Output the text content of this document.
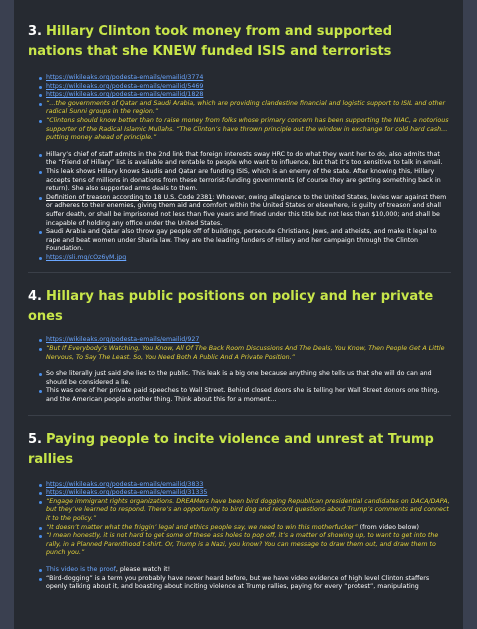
3. Hillary Clinton took money from and supported nations that she KNEW funded ISIS and terrorists
https://wikileaks.org/podesta-emails/emailid/3774
https://wikileaks.org/podesta-emails/emailid/5469
https://wikileaks.org/podesta-emails/emailid/1828
“…the governments of Qatar and Saudi Arabia, which are providing clandestine financial and logistic support to ISIL and other radical Sunni groups in the region.”
“Clintons should know better than to raise money from folks whose primary concern has been supporting the NIAC, a notorious supporter of the Radical Islamic Mullahs. “The Clinton’s have thrown principle out the window in exchange for cold hard cash…putting money ahead of principle.”
Hillary’s chief of staff admits in the 2nd link that foreign interests sway HRC to do what they want her to do, also admits that the “Friend of Hillary” list is available and rentable to people who want to influence, but that it’s too sensitive to talk in email.
This leak shows Hillary knows Saudis and Qatar are funding ISIS, which is an enemy of the state. After knowing this, Hillary accepts tens of millions in donations from these terrorist-funding governments (of course they are getting something back in return). She also supported arms deals to them.
Definition of treason according to 18 U.S. Code 2381: Whoever, owing allegiance to the United States, levies war against them or adheres to their enemies, giving them aid and comfort within the United States or elsewhere, is guilty of treason and shall suffer death, or shall be imprisoned not less than five years and fined under this title but not less than $10,000; and shall be incapable of holding any office under the United States.
Saudi Arabia and Qatar also throw gay people off of buildings, persecute Christians, Jews, and atheists, and make it legal to rape and beat women under Sharia law. They are the leading funders of Hillary and her campaign through the Clinton Foundation.
https://sli.mg/cOz6yM.jpg
4. Hillary has public positions on policy and her private ones
https://wikileaks.org/podesta-emails/emailid/927
“But If Everybody’s Watching, You Know, All Of The Back Room Discussions And The Deals, You Know, Then People Get A Little Nervous, To Say The Least. So, You Need Both A Public And A Private Position.”
So she literally just said she lies to the public. This leak is a big one because anything she tells us that she will do can and should be considered a lie.
This was one of her private paid speeches to Wall Street. Behind closed doors she is telling her Wall Street donors one thing, and the American people another thing. Think about this for a moment…
5. Paying people to incite violence and unrest at Trump rallies
https://wikileaks.org/podesta-emails/emailid/3833
https://wikileaks.org/podesta-emails/emailid/31335
“Engage immigrant rights organizations. DREAMers have been bird dogging Republican presidential candidates on DACA/DAPA, but they’ve learned to respond. There’s an opportunity to bird dog and record questions about Trump’s comments and connect it to the policy.”
“It doesn’t matter what the friggin’ legal and ethics people say, we need to win this motherfucker” (from video below)
“I mean honestly, it is not hard to get some of these ass holes to pop off, it’s a matter of showing up, to want to get into the rally, in a Planned Parenthood t-shirt. Or, Trump is a Nazi, you know? You can message to draw them out, and draw them to punch you.”
This video is the proof, please watch it!
“Bird-dogging” is a term you probably have never heard before, but we have video evidence of high level Clinton staffers openly talking about it, and boasting about inciting violence at Trump rallies, paying for every “protest”, manipulating
